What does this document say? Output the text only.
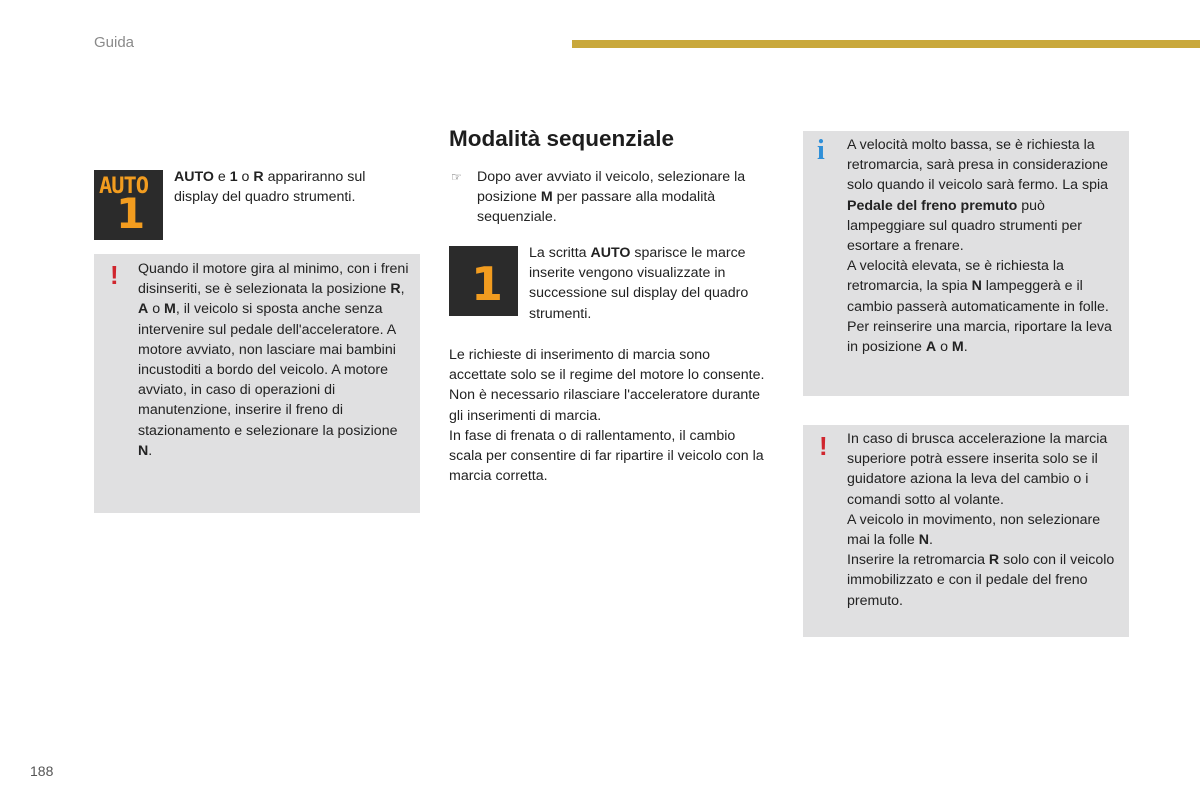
Guida
AUTO
1
AUTO e 1 o R appariranno sul display del quadro strumenti.
! Quando il motore gira al minimo, con i freni disinseriti, se è selezionata la posizione R, A o M, il veicolo si sposta anche senza intervenire sul pedale dell'acceleratore. A motore avviato, non lasciare mai bambini incustoditi a bordo del veicolo. A motore avviato, in caso di operazioni di manutenzione, inserire il freno di stazionamento e selezionare la posizione N.
Modalità sequenziale
☞ Dopo aver avviato il veicolo, selezionare la posizione M per passare alla modalità sequenziale.
1
La scritta AUTO sparisce le marce inserite vengono visualizzate in successione sul display del quadro strumenti.

Le richieste di inserimento di marcia sono accettate solo se il regime del motore lo consente.

Non è necessario rilasciare l'acceleratore durante gli inserimenti di marcia.

In fase di frenata o di rallentamento, il cambio scala per consentire di far ripartire il veicolo con la marcia corretta.

i A velocità molto bassa, se è richiesta la retromarcia, sarà presa in considerazione solo quando il veicolo sarà fermo. La spia Pedale del freno premuto può lampeggiare sul quadro strumenti per esortare a frenare.

A velocità elevata, se è richiesta la retromarcia, la spia N lampeggerà e il cambio passerà automaticamente in folle. Per reinserire una marcia, riportare la leva in posizione A o M.

! In caso di brusca accelerazione la marcia superiore potrà essere inserita solo se il guidatore aziona la leva del cambio o i comandi sotto al volante.

A veicolo in movimento, non selezionare mai la folle N.

Inserire la retromarcia R solo con il veicolo immobilizzato e con il pedale del freno premuto.

188
